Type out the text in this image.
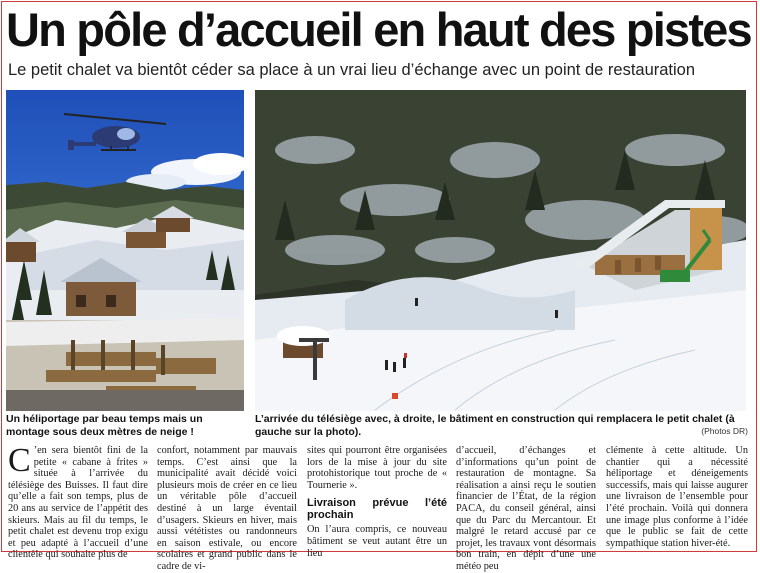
Un pôle d’accueil en haut des pistes

Le petit chalet va bientôt céder sa place à un vrai lieu d’échange avec un point de restauration

Un héliportage par beau temps mais un montage sous deux mètres de neige !

L’arrivée du télésiège avec, à droite, le bâtiment en construction qui remplacera le petit chalet (à gauche sur la photo).	(Photos DR)
C ’en sera bientôt fini de la petite « cabane à frites » située à l’arrivée du télésiège des Buisses. Il faut dire qu’elle a fait son temps, plus de 20 ans au service de l’appétit des skieurs. Mais au fil du temps, le petit chalet est devenu trop exigu et peu adapté à l’accueil d’une clientèle qui souhaite plus de

confort, notamment par mauvais temps. C’est ainsi que la municipalité avait décidé voici plusieurs mois de créer en ce lieu un véritable pôle d’accueil destiné à un large éventail d’usagers. Skieurs en hiver, mais aussi vététistes ou randonneurs en saison estivale, ou encore scolaires et grand public dans le cadre de vi-

sites qui pourront être organisées lors de la mise à jour du site protohistorique tout proche de « Tournerie ».

Livraison prévue l’été prochain

On l’aura compris, ce nouveau bâtiment se veut autant être un lieu

d’accueil, d’échanges et d’informations qu’un point de restauration de montagne. Sa réalisation a ainsi reçu le soutien financier de l’État, de la région PACA, du conseil général, ainsi que du Parc du Mercantour. Et malgré le retard accusé par ce projet, les travaux vont désormais bon train, en dépit d’une une météo peu

clémente à cette altitude. Un chantier qui a nécessité héliportage et déneigements successifs, mais qui laisse augurer une livraison de l’ensemble pour l’été prochain. Voilà qui donnera une image plus conforme à l’idée que le public se fait de cette sympathique station hiver-été.
